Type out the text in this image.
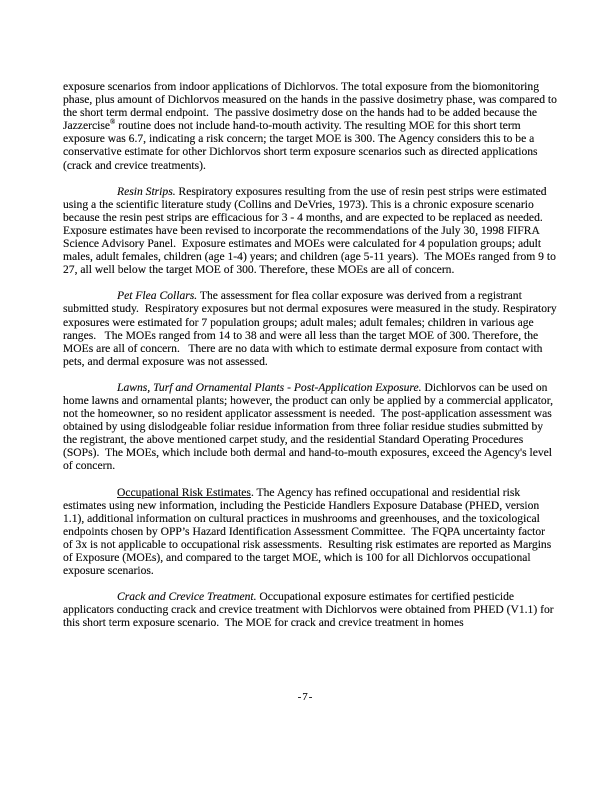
exposure scenarios from indoor applications of Dichlorvos. The total exposure from the biomonitoring phase, plus amount of Dichlorvos measured on the hands in the passive dosimetry phase, was compared to the short term dermal endpoint.  The passive dosimetry dose on the hands had to be added because the Jazzercise® routine does not include hand-to-mouth activity. The resulting MOE for this short term exposure was 6.7, indicating a risk concern; the target MOE is 300. The Agency considers this to be a conservative estimate for other Dichlorvos short term exposure scenarios such as directed applications (crack and crevice treatments).

Resin Strips. Respiratory exposures resulting from the use of resin pest strips were estimated using a the scientific literature study (Collins and DeVries, 1973). This is a chronic exposure scenario because the resin pest strips are efficacious for 3 - 4 months, and are expected to be replaced as needed.  Exposure estimates have been revised to incorporate the recommendations of the July 30, 1998 FIFRA Science Advisory Panel.  Exposure estimates and MOEs were calculated for 4 population groups; adult males, adult females, children (age 1-4) years; and children (age 5-11 years).  The MOEs ranged from 9 to 27, all well below the target MOE of 300. Therefore, these MOEs are all of concern.

Pet Flea Collars. The assessment for flea collar exposure was derived from a registrant submitted study.  Respiratory exposures but not dermal exposures were measured in the study. Respiratory exposures were estimated for 7 population groups; adult males; adult females; children in various age ranges.   The MOEs ranged from 14 to 38 and were all less than the target MOE of 300. Therefore, the MOEs are all of concern.   There are no data with which to estimate dermal exposure from contact with pets, and dermal exposure was not assessed.

Lawns, Turf and Ornamental Plants - Post-Application Exposure. Dichlorvos can be used on home lawns and ornamental plants; however, the product can only be applied by a commercial applicator, not the homeowner, so no resident applicator assessment is needed.  The post-application assessment was obtained by using dislodgeable foliar residue information from three foliar residue studies submitted by the registrant, the above mentioned carpet study, and the residential Standard Operating Procedures (SOPs).  The MOEs, which include both dermal and hand-to-mouth exposures, exceed the Agency's level of concern.

Occupational Risk Estimates. The Agency has refined occupational and residential risk estimates using new information, including the Pesticide Handlers Exposure Database (PHED, version 1.1), additional information on cultural practices in mushrooms and greenhouses, and the toxicological endpoints chosen by OPP’s Hazard Identification Assessment Committee.  The FQPA uncertainty factor of 3x is not applicable to occupational risk assessments.  Resulting risk estimates are reported as Margins of Exposure (MOEs), and compared to the target MOE, which is 100 for all Dichlorvos occupational exposure scenarios.

Crack and Crevice Treatment. Occupational exposure estimates for certified pesticide applicators conducting crack and crevice treatment with Dichlorvos were obtained from PHED (V1.1) for this short term exposure scenario.  The MOE for crack and crevice treatment in homes

-7-
